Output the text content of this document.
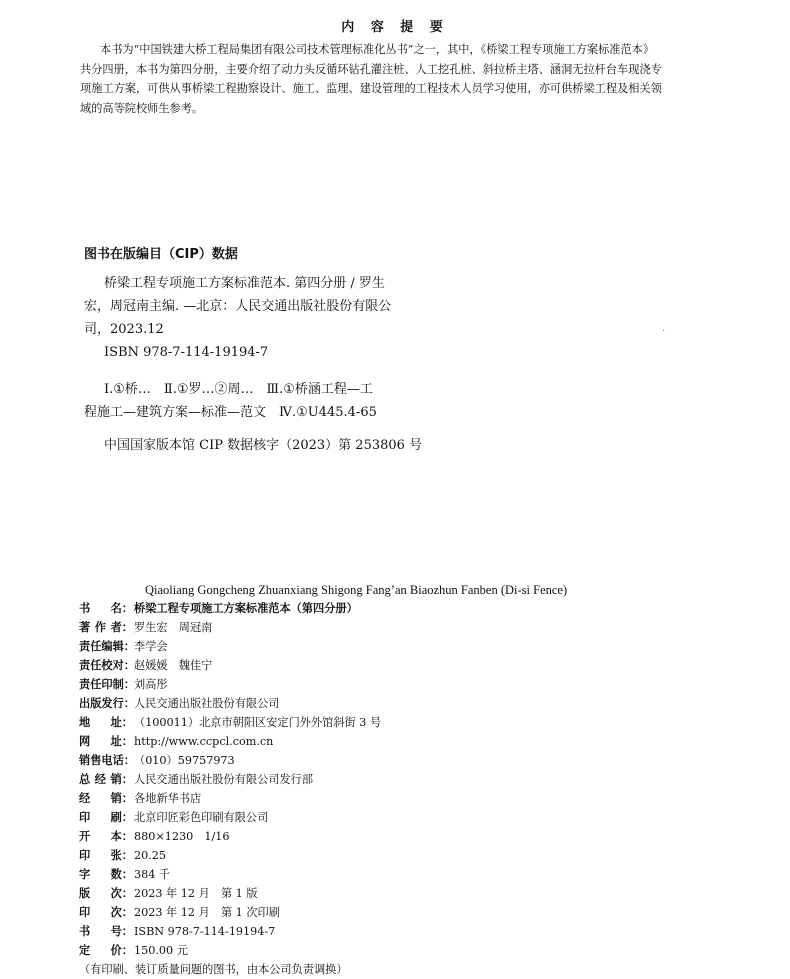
内 容 提 要

本书为“中国铁建大桥工程局集团有限公司技术管理标准化丛书”之一，其中，《桥梁工程专项施工方案标准范本》

共分四册，本书为第四分册，主要介绍了动力头反循环钻孔灌注桩、人工挖孔桩、斜拉桥主塔、涵洞无拉杆台车现浇专

项施工方案，可供从事桥梁工程勘察设计、施工、监理、建设管理的工程技术人员学习使用，亦可供桥梁工程及相关领

域的高等院校师生参考。

图书在版编目（CIP）数据

桥梁工程专项施工方案标准范本. 第四分册 / 罗生

宏，周冠南主编. —北京：人民交通出版社股份有限公

司，2023.12

ISBN 978-7-114-19194-7

Ⅰ.①桥…　Ⅱ.①罗…②周…　Ⅲ.①桥涵工程—工

程施工—建筑方案—标准—范文　Ⅳ.①U445.4-65

中国国家版本馆 CIP 数据核字（2023）第 253806 号

·
Qiaoliang Gongcheng Zhuanxiang Shigong Fang’an Biaozhun Fanben (Di-si Fence)
书 名： 桥梁工程专项施工方案标准范本（第四分册）
著 作 者： 罗生宏　周冠南
责任编辑： 李学会
责任校对： 赵媛媛　魏佳宁
责任印制： 刘高彤
出版发行： 人民交通出版社股份有限公司
地 址： （100011）北京市朝阳区安定门外外馆斜街 3 号
网 址： http://www.ccpcl.com.cn
销售电话： （010）59757973
总 经 销： 人民交通出版社股份有限公司发行部
经 销： 各地新华书店
印 刷： 北京印匠彩色印刷有限公司
开 本： 880×1230　1/16
印 张： 20.25
字 数： 384 千
版 次： 2023 年 12 月　第 1 版
印 次： 2023 年 12 月　第 1 次印刷
书 号： ISBN 978-7-114-19194-7
定 价： 150.00 元
（有印刷、装订质量问题的图书，由本公司负责调换）
